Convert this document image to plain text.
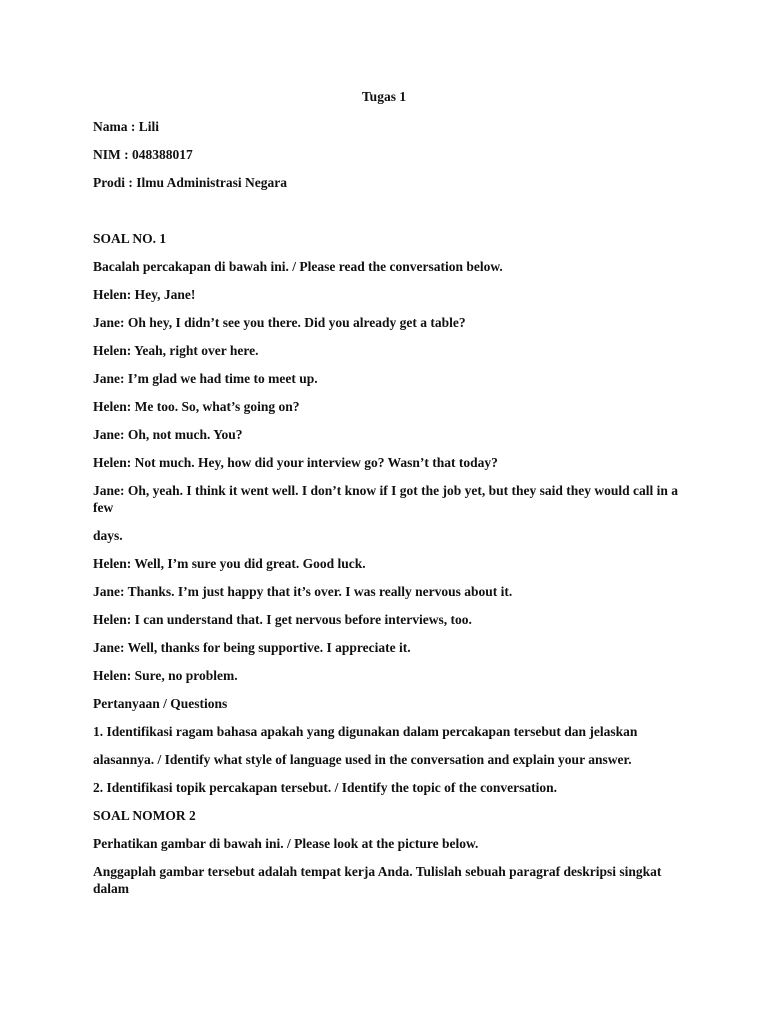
Tugas 1
Nama : Lili
NIM : 048388017
Prodi : Ilmu Administrasi Negara
SOAL NO. 1
Bacalah percakapan di bawah ini. / Please read the conversation below.
Helen: Hey, Jane!
Jane: Oh hey, I didn’t see you there. Did you already get a table?
Helen: Yeah, right over here.
Jane: I’m glad we had time to meet up.
Helen: Me too. So, what’s going on?
Jane: Oh, not much. You?
Helen: Not much. Hey, how did your interview go? Wasn’t that today?
Jane: Oh, yeah. I think it went well. I don’t know if I got the job yet, but they said they would call in a few
days.
Helen: Well, I’m sure you did great. Good luck.
Jane: Thanks. I’m just happy that it’s over. I was really nervous about it.
Helen: I can understand that. I get nervous before interviews, too.
Jane: Well, thanks for being supportive. I appreciate it.
Helen: Sure, no problem.
Pertanyaan / Questions
1. Identifikasi ragam bahasa apakah yang digunakan dalam percakapan tersebut dan jelaskan
alasannya. / Identify what style of language used in the conversation and explain your answer.
2. Identifikasi topik percakapan tersebut. / Identify the topic of the conversation.
SOAL NOMOR 2
Perhatikan gambar di bawah ini. / Please look at the picture below.
Anggaplah gambar tersebut adalah tempat kerja Anda. Tulislah sebuah paragraf deskripsi singkat dalam
